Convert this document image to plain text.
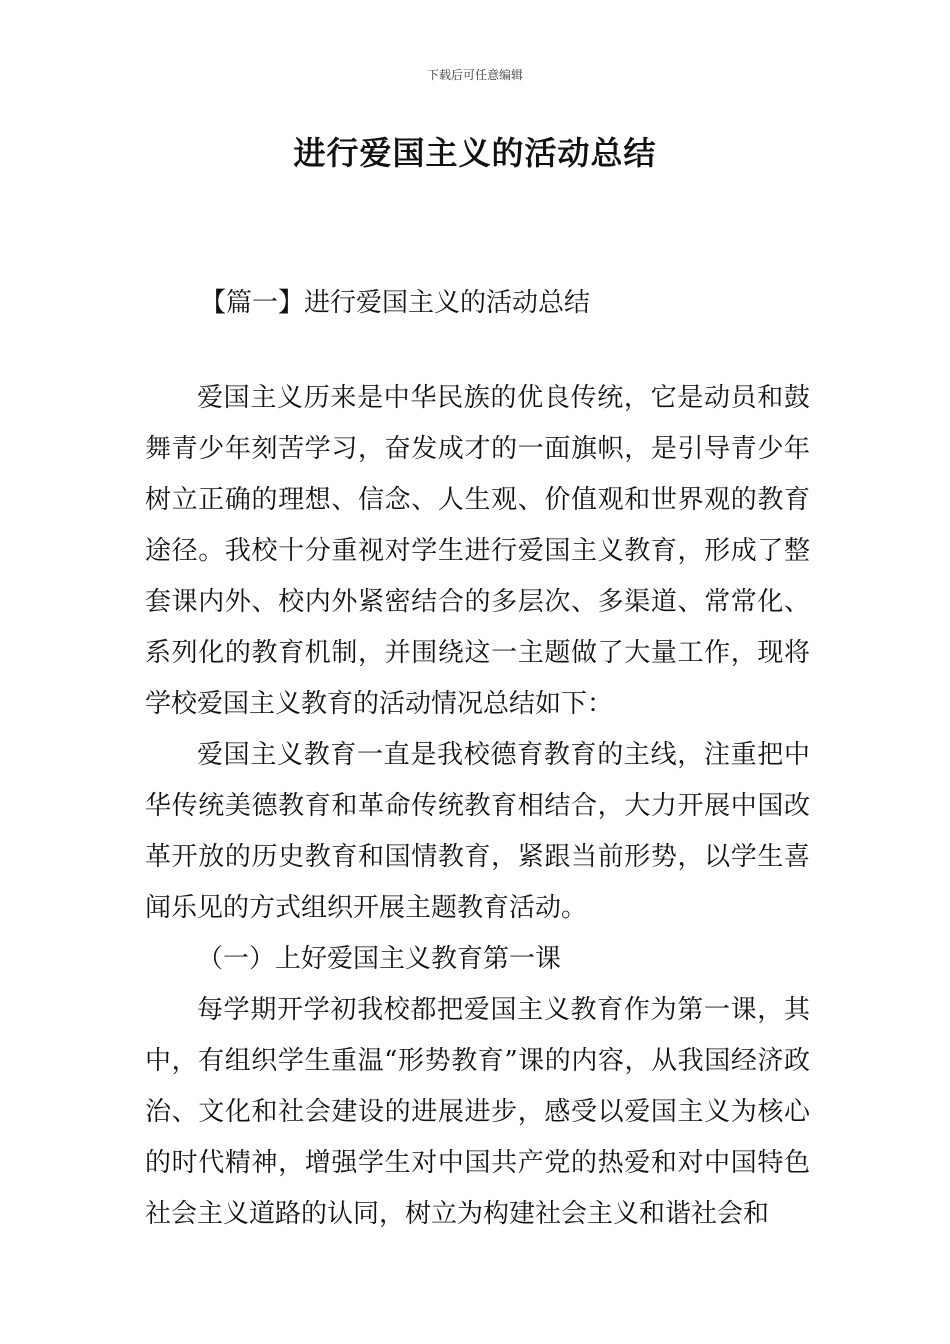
下载后可任意编辑
进行爱国主义的活动总结
【篇一】进行爱国主义的活动总结

爱国主义历来是中华民族的优良传统，它是动员和鼓舞青少年刻苦学习，奋发成才的一面旗帜，是引导青少年树立正确的理想、信念、人生观、价值观和世界观的教育途径。我校十分重视对学生进行爱国主义教育，形成了整套课内外、校内外紧密结合的多层次、多渠道、常常化、系列化的教育机制，并围绕这一主题做了大量工作，现将学校爱国主义教育的活动情况总结如下：

爱国主义教育一直是我校德育教育的主线，注重把中华传统美德教育和革命传统教育相结合，大力开展中国改革开放的历史教育和国情教育，紧跟当前形势，以学生喜闻乐见的方式组织开展主题教育活动。

（一）上好爱国主义教育第一课

每学期开学初我校都把爱国主义教育作为第一课，其中，有组织学生重温“形势教育”课的内容，从我国经济政治、文化和社会建设的进展进步，感受以爱国主义为核心的时代精神，增强学生对中国共产党的热爱和对中国特色社会主义道路的认同，树立为构建社会主义和谐社会和
